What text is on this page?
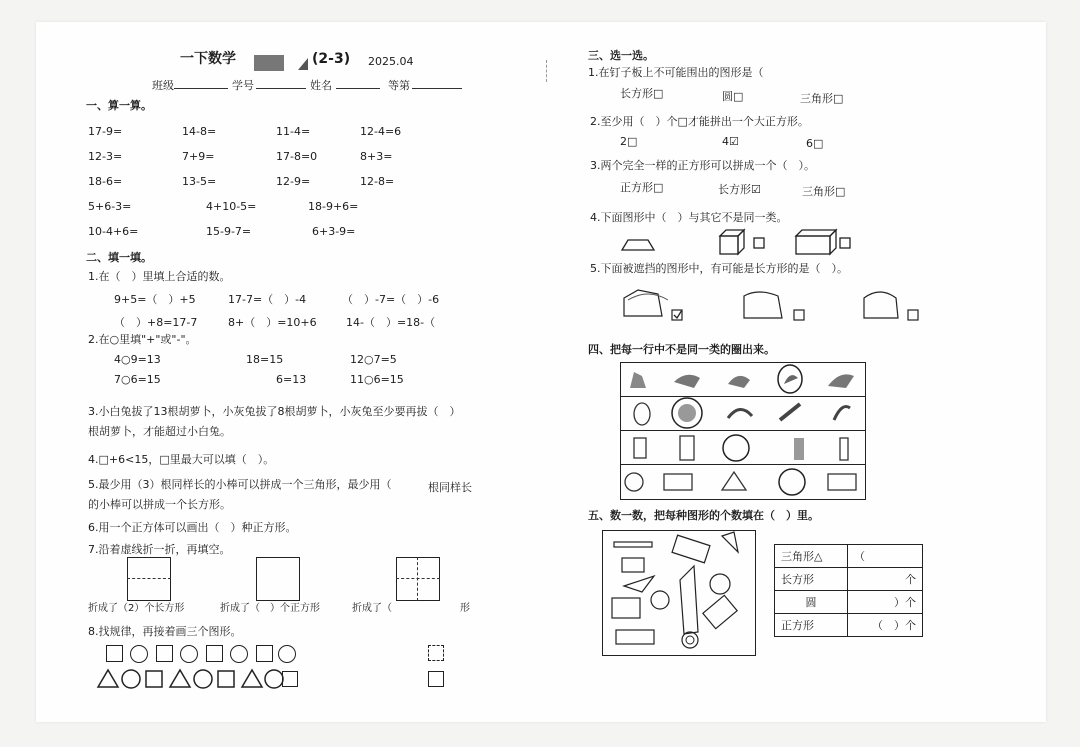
一下数学	(2-3) 2025.04
班级	学号	姓名	等第
一、算一算。
17-9=	14-8=	11-4=	12-4=6
12-3=	7+9=	17-8=0	8+3=
18-6=	13-5=	12-9=	12-8=
5+6-3=	4+10-5=	18-9+6=
10-4+6=	15-9-7=	6+3-9=
二、填一填。
1.在（　）里填上合适的数。
9+5=（　）+5	17-7=（　）-4	（　）-7=（　）-6
（　）+8=17-7	8+（　）=10+6	14-（　）=18-（
2.在○里填"+"或"-"。
4○9=13	18=15	12○7=5
7○6=15	6=13	11○6=15
3.小白兔拔了13根胡萝卜，小灰兔拔了8根胡萝卜，小灰兔至少要再拔（　）
根胡萝卜，才能超过小白兔。
4.□+6<15，□里最大可以填（　）。
5.最少用（3）根同样长的小棒可以拼成一个三角形，最少用（	根同样长
的小棒可以拼成一个长方形。
6.用一个正方体可以画出（　）种正方形。
7.沿着虚线折一折，再填空。
折成了（2）个长方形	折成了（　）个正方形	折成了（	形
8.找规律，再接着画三个图形。
三、选一选。
1.在钉子板上不可能围出的图形是（
长方形□	圆□	三角形□
2.至少用（　）个□才能拼出一个大正方形。
2□	4☑	6□
3.两个完全一样的正方形可以拼成一个（　）。
正方形□	长方形☑	三角形□
4.下面图形中（　）与其它不是同一类。
5.下面被遮挡的图形中，有可能是长方形的是（　）。
四、把每一行中不是同一类的圈出来。
五、数一数，把每种图形的个数填在（　）里。
三角形△	（
长方形	个
圆	）个
正方形	（　）个
